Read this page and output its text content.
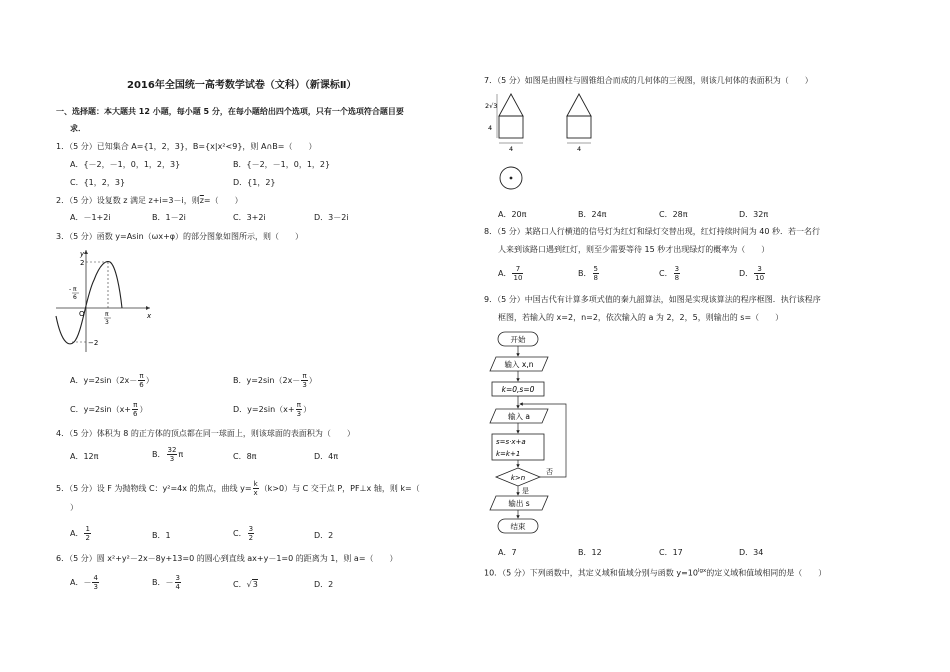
2016年全国统一高考数学试卷（文科）（新课标Ⅱ）
一、选择题：本大题共 12 小题，每小题 5 分，在每小题给出四个选项，只有一个选项符合题目要
求．
1．（5 分）已知集合 A={1，2，3}，B={x|x²<9}，则 A∩B=（　　）
A．{－2，－1，0，1，2，3}	B．{－2，－1，0，1，2}
C．{1，2，3}	D．{1，2}
2．（5 分）设复数 z 满足 z+i=3－i，则$\overline{z}=$（　　）
A．－1+2i	B．1－2i	C．3+2i	D．3－2i
3．（5 分）函数 y=Asin（ωx+φ）的部分图象如图所示，则（　　）
y
x
2
−2
O
- π
6
π
3
A．$y=2\sin(2x- \frac{\pi}{6}$ ）	B．$y=2\sin(2x- \frac{\pi}{3}$ ）
C．$y=2\sin(x+ \frac{\pi}{6}$ ）	D．$y=2\sin(x+ \frac{\pi}{3}$ ）
4．（5 分）体积为 8 的正方体的顶点都在同一球面上，则该球面的表面积为（　　）
A．12π	B． $\frac{32}{3}$ π	C．8π	D．4π
5．（5 分）设 F 为抛物线 C：y²=4x 的焦点，曲线 $y= \frac{k}{x} (k>0)$与 C 交于点 P，PF⊥x 轴，则 k=（
）
A． $\frac{1}{2}$	B．1	C． $\frac{3}{2}$	D．2
6．（5 分）圆 x²+y²－2x－8y+13=0 的圆心到直线 ax+y－1=0 的距离为 1，则 a=（　　）
A．－ $\frac{4}{3}$	B．－ $\frac{3}{4}$	C． √ 3	D．2
7．（5 分）如图是由圆柱与圆锥组合而成的几何体的三视图，则该几何体的表面积为（　　）
2√3
4
4	4
A．20π	B．24π	C．28π	D．32π
8．（5 分）某路口人行横道的信号灯为红灯和绿灯交替出现，红灯持续时间为 40 秒．若一名行
人来到该路口遇到红灯，则至少需要等待 15 秒才出现绿灯的概率为（　　）
A． $\frac{7}{10}$	B． $\frac{5}{8}$	C． $\frac{3}{8}$	D． $\frac{3}{10}$
9．（5 分）中国古代有计算多项式值的秦九韶算法，如图是实现该算法的程序框图．执行该程序
框图，若输入的 x=2，n=2，依次输入的 a 为 2，2，5，则输出的 s=（　　）
开始
输入 x,n
k=0,s=0
输入 a
s=s·x+a
k=k+1
k>n
否
是
输出 s
结束
A．7	B．12	C．17	D．34
10．（5 分）下列函数中，其定义域和值域分别与函数 $y=10^{lgx}$的定义域和值域相同的是（　　）
